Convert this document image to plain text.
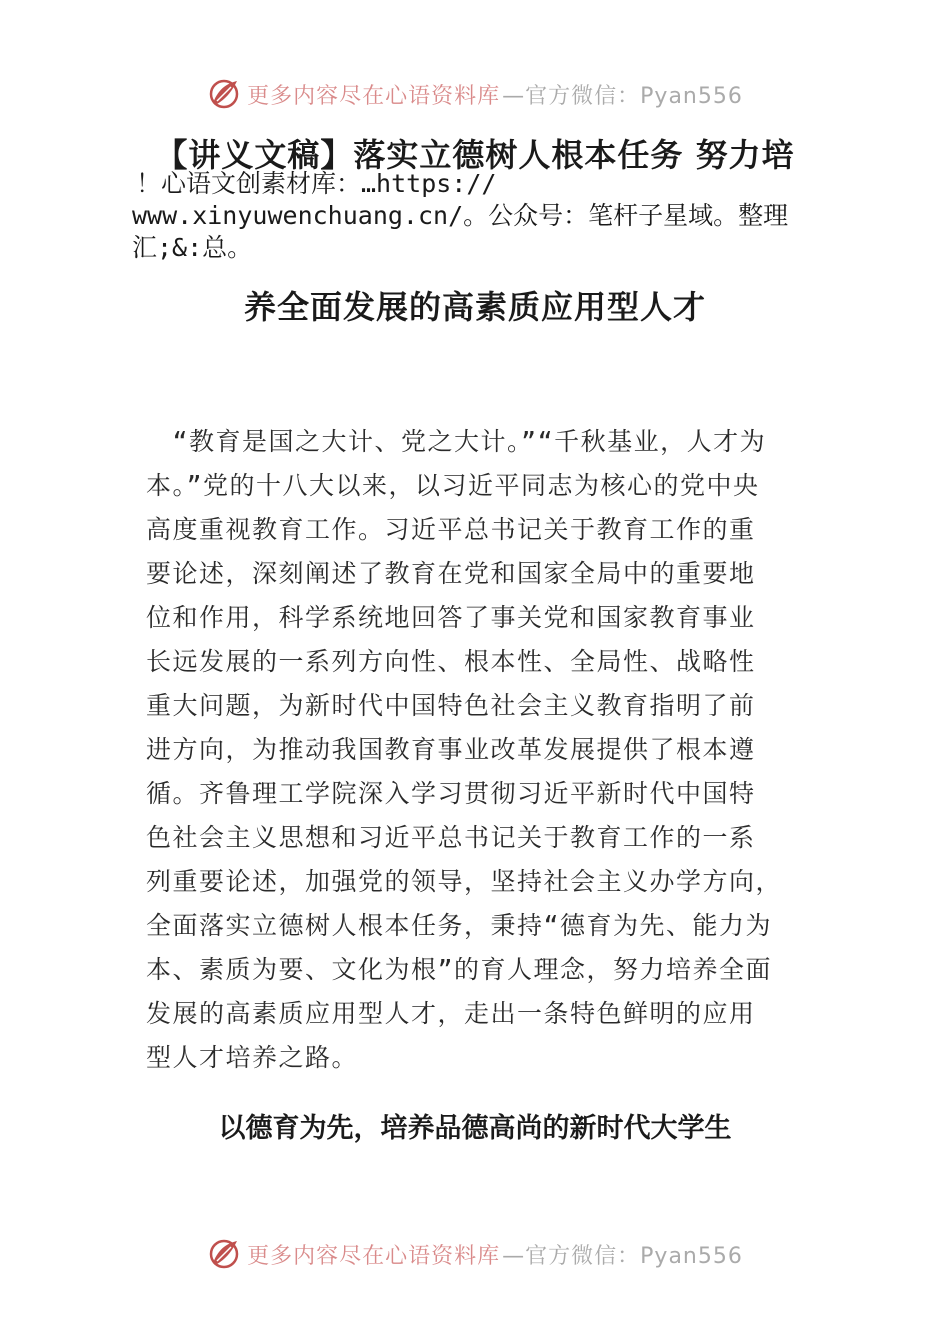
更多内容尽在心语资料库 —官方微信：Pyan556
【讲义文稿】落实立德树人根本任务 努力培
！心语文创素材库：…https://
www.xinyuwenchuang.cn/。公众号：笔杆子星域。整理
汇;&:总。
养全面发展的高素质应用型人才
　“教育是国之大计、党之大计。”“千秋基业，人才为
本。”党的十八大以来，以习近平同志为核心的党中央
高度重视教育工作。习近平总书记关于教育工作的重
要论述，深刻阐述了教育在党和国家全局中的重要地
位和作用，科学系统地回答了事关党和国家教育事业
长远发展的一系列方向性、根本性、全局性、战略性
重大问题，为新时代中国特色社会主义教育指明了前
进方向，为推动我国教育事业改革发展提供了根本遵
循。齐鲁理工学院深入学习贯彻习近平新时代中国特
色社会主义思想和习近平总书记关于教育工作的一系
列重要论述，加强党的领导，坚持社会主义办学方向，
全面落实立德树人根本任务，秉持“德育为先、能力为
本、素质为要、文化为根”的育人理念，努力培养全面
发展的高素质应用型人才，走出一条特色鲜明的应用
型人才培养之路。
以德育为先，培养品德高尚的新时代大学生
更多内容尽在心语资料库 —官方微信：Pyan556
